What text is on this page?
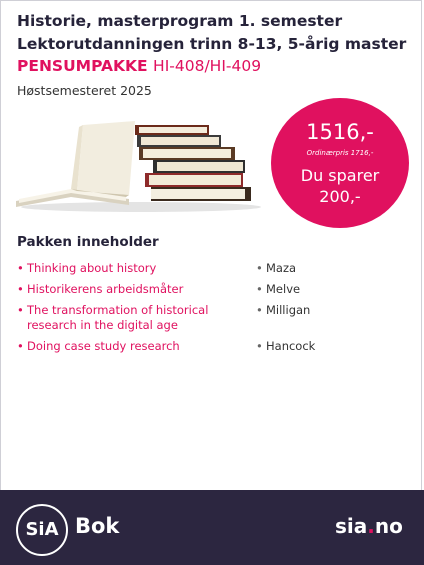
Historie, masterprogram 1. semester
Lektorutdanningen trinn 8-13, 5-årig master
PENSUMPAKKE HI-408/HI-409
Høstsemesteret 2025
1516,-
Ordinærpris 1716,-
Du sparer
200,-
Pakken inneholder
• Thinking about history
• Historikerens arbeidsmåter
• The transformation of historical research in the digital age
• Doing case study research
• Maza
• Melve
• Milligan
• Hancock
SiA Bok	sia.no
